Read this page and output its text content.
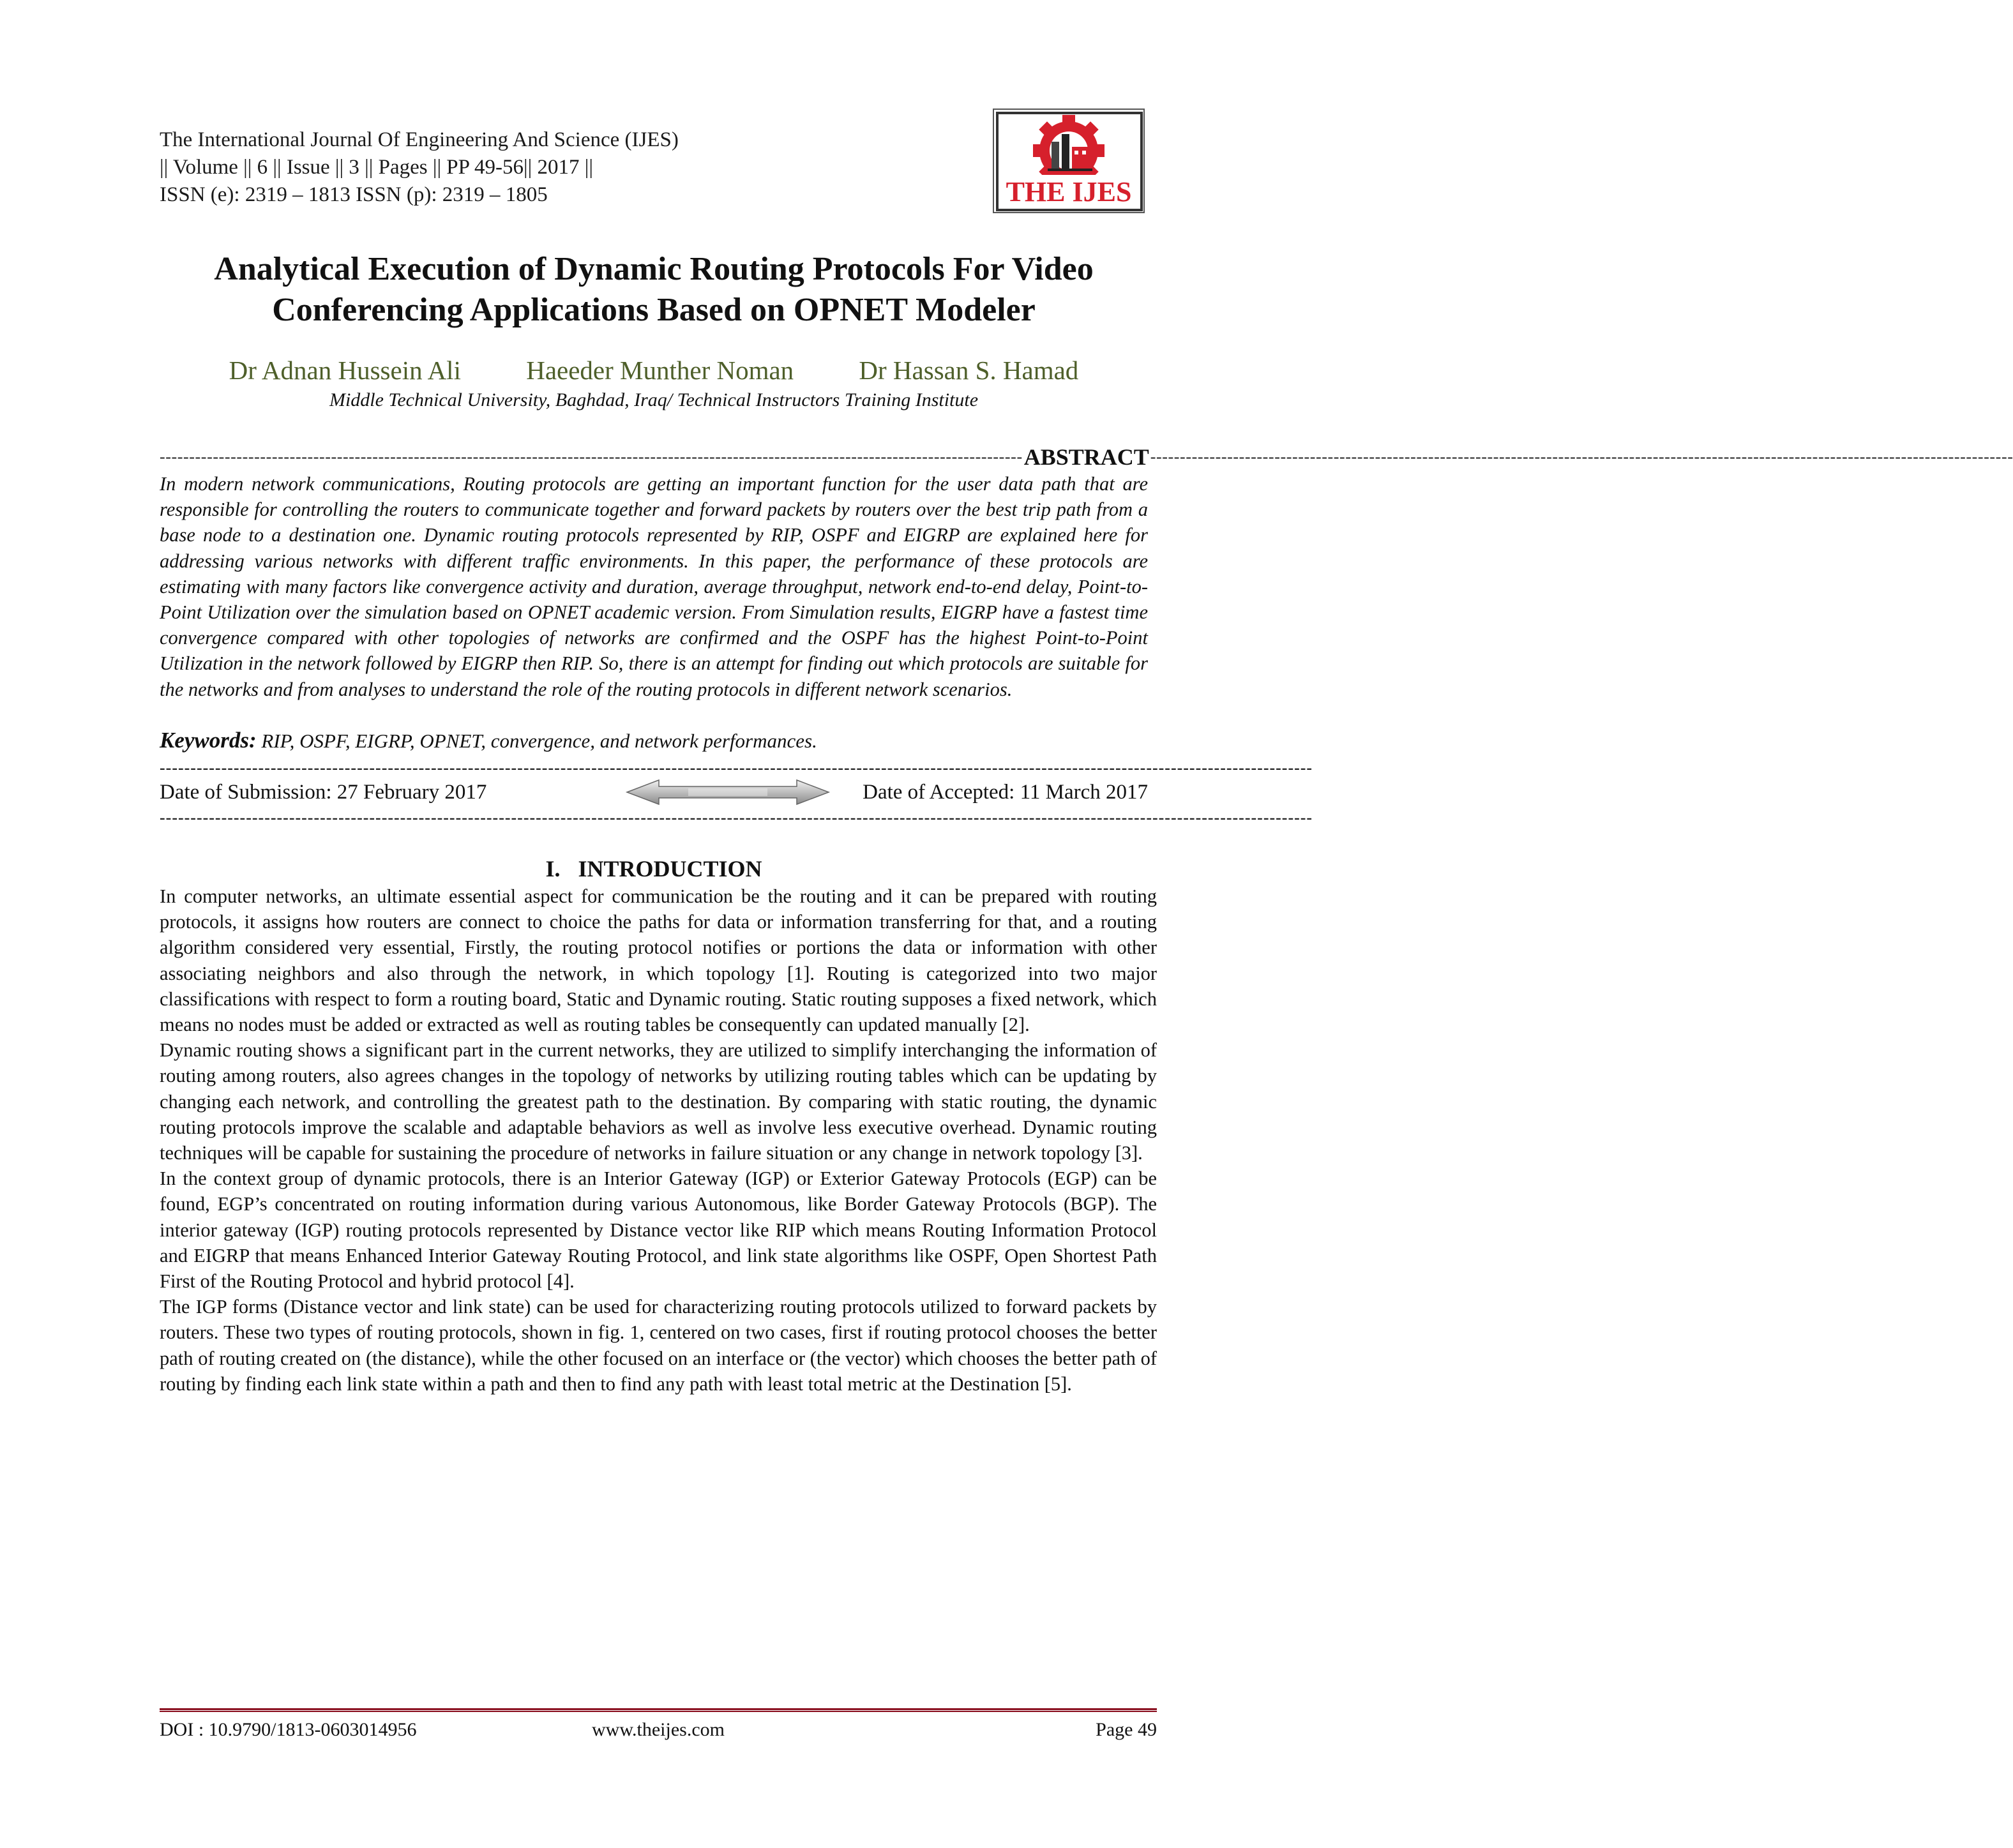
The International Journal Of Engineering And Science (IJES)
|| Volume || 6 || Issue || 3 || Pages || PP 49-56|| 2017 ||
ISSN (e): 2319 – 1813 ISSN (p): 2319 – 1805	THE IJES
Analytical Execution of Dynamic Routing Protocols For Video
Conferencing Applications Based on OPNET Modeler
Dr Adnan Hussein Ali Haeeder Munther Noman Dr Hassan S. Hamad
Middle Technical University, Baghdad, Iraq/ Technical Instructors Training Institute
-------------------------------------------------------------------------------------------------------------------------------------------------- ABSTRACT --------------------------------------------------------------------------------------------------------------------------------------------------
In modern network communications, Routing protocols are getting an important function for the user data path that are responsible for controlling the routers to communicate together and forward packets by routers over the best trip path from a base node to a destination one. Dynamic routing protocols represented by RIP, OSPF and EIGRP are explained here for addressing various networks with different traffic environments. In this paper, the performance of these protocols are estimating with many factors like convergence activity and duration, average throughput, network end-to-end delay, Point-to-Point Utilization over the simulation based on OPNET academic version. From Simulation results, EIGRP have a fastest time convergence compared with other topologies of networks are confirmed and the OSPF has the highest Point-to-Point Utilization in the network followed by EIGRP then RIP. So, there is an attempt for finding out which protocols are suitable for the networks and from analyses to understand the role of the routing protocols in different network scenarios.
Keywords: RIP, OSPF, EIGRP, OPNET, convergence, and network performances.
-------------------------------------------------------------------------------------------------------------------------------------------------------------------------------------------
Date of Submission: 27 February 2017	Date of Accepted: 11 March 2017
-------------------------------------------------------------------------------------------------------------------------------------------------------------------------------------------
I. INTRODUCTION

In computer networks, an ultimate essential aspect for communication be the routing and it can be prepared with routing protocols, it assigns how routers are connect to choice the paths for data or information transferring for that, and a routing algorithm considered very essential, Firstly, the routing protocol notifies or portions the data or information with other associating neighbors and also through the network, in which topology [1]. Routing is categorized into two major classifications with respect to form a routing board, Static and Dynamic routing. Static routing supposes a fixed network, which means no nodes must be added or extracted as well as routing tables be consequently can updated manually [2].

Dynamic routing shows a significant part in the current networks, they are utilized to simplify interchanging the information of routing among routers, also agrees changes in the topology of networks by utilizing routing tables which can be updating by changing each network, and controlling the greatest path to the destination. By comparing with static routing, the dynamic routing protocols improve the scalable and adaptable behaviors as well as involve less executive overhead. Dynamic routing techniques will be capable for sustaining the procedure of networks in failure situation or any change in network topology [3].

In the context group of dynamic protocols, there is an Interior Gateway (IGP) or Exterior Gateway Protocols (EGP) can be found, EGP’s concentrated on routing information during various Autonomous, like Border Gateway Protocols (BGP). The interior gateway (IGP) routing protocols represented by Distance vector like RIP which means Routing Information Protocol and EIGRP that means Enhanced Interior Gateway Routing Protocol, and link state algorithms like OSPF, Open Shortest Path First of the Routing Protocol and hybrid protocol [4].

The IGP forms (Distance vector and link state) can be used for characterizing routing protocols utilized to forward packets by routers. These two types of routing protocols, shown in fig. 1, centered on two cases, first if routing protocol chooses the better path of routing created on (the distance), while the other focused on an interface or (the vector) which chooses the better path of routing by finding each link state within a path and then to find any path with least total metric at the Destination [5].

DOI : 10.9790/1813-0603014956	www.theijes.com	Page 49
